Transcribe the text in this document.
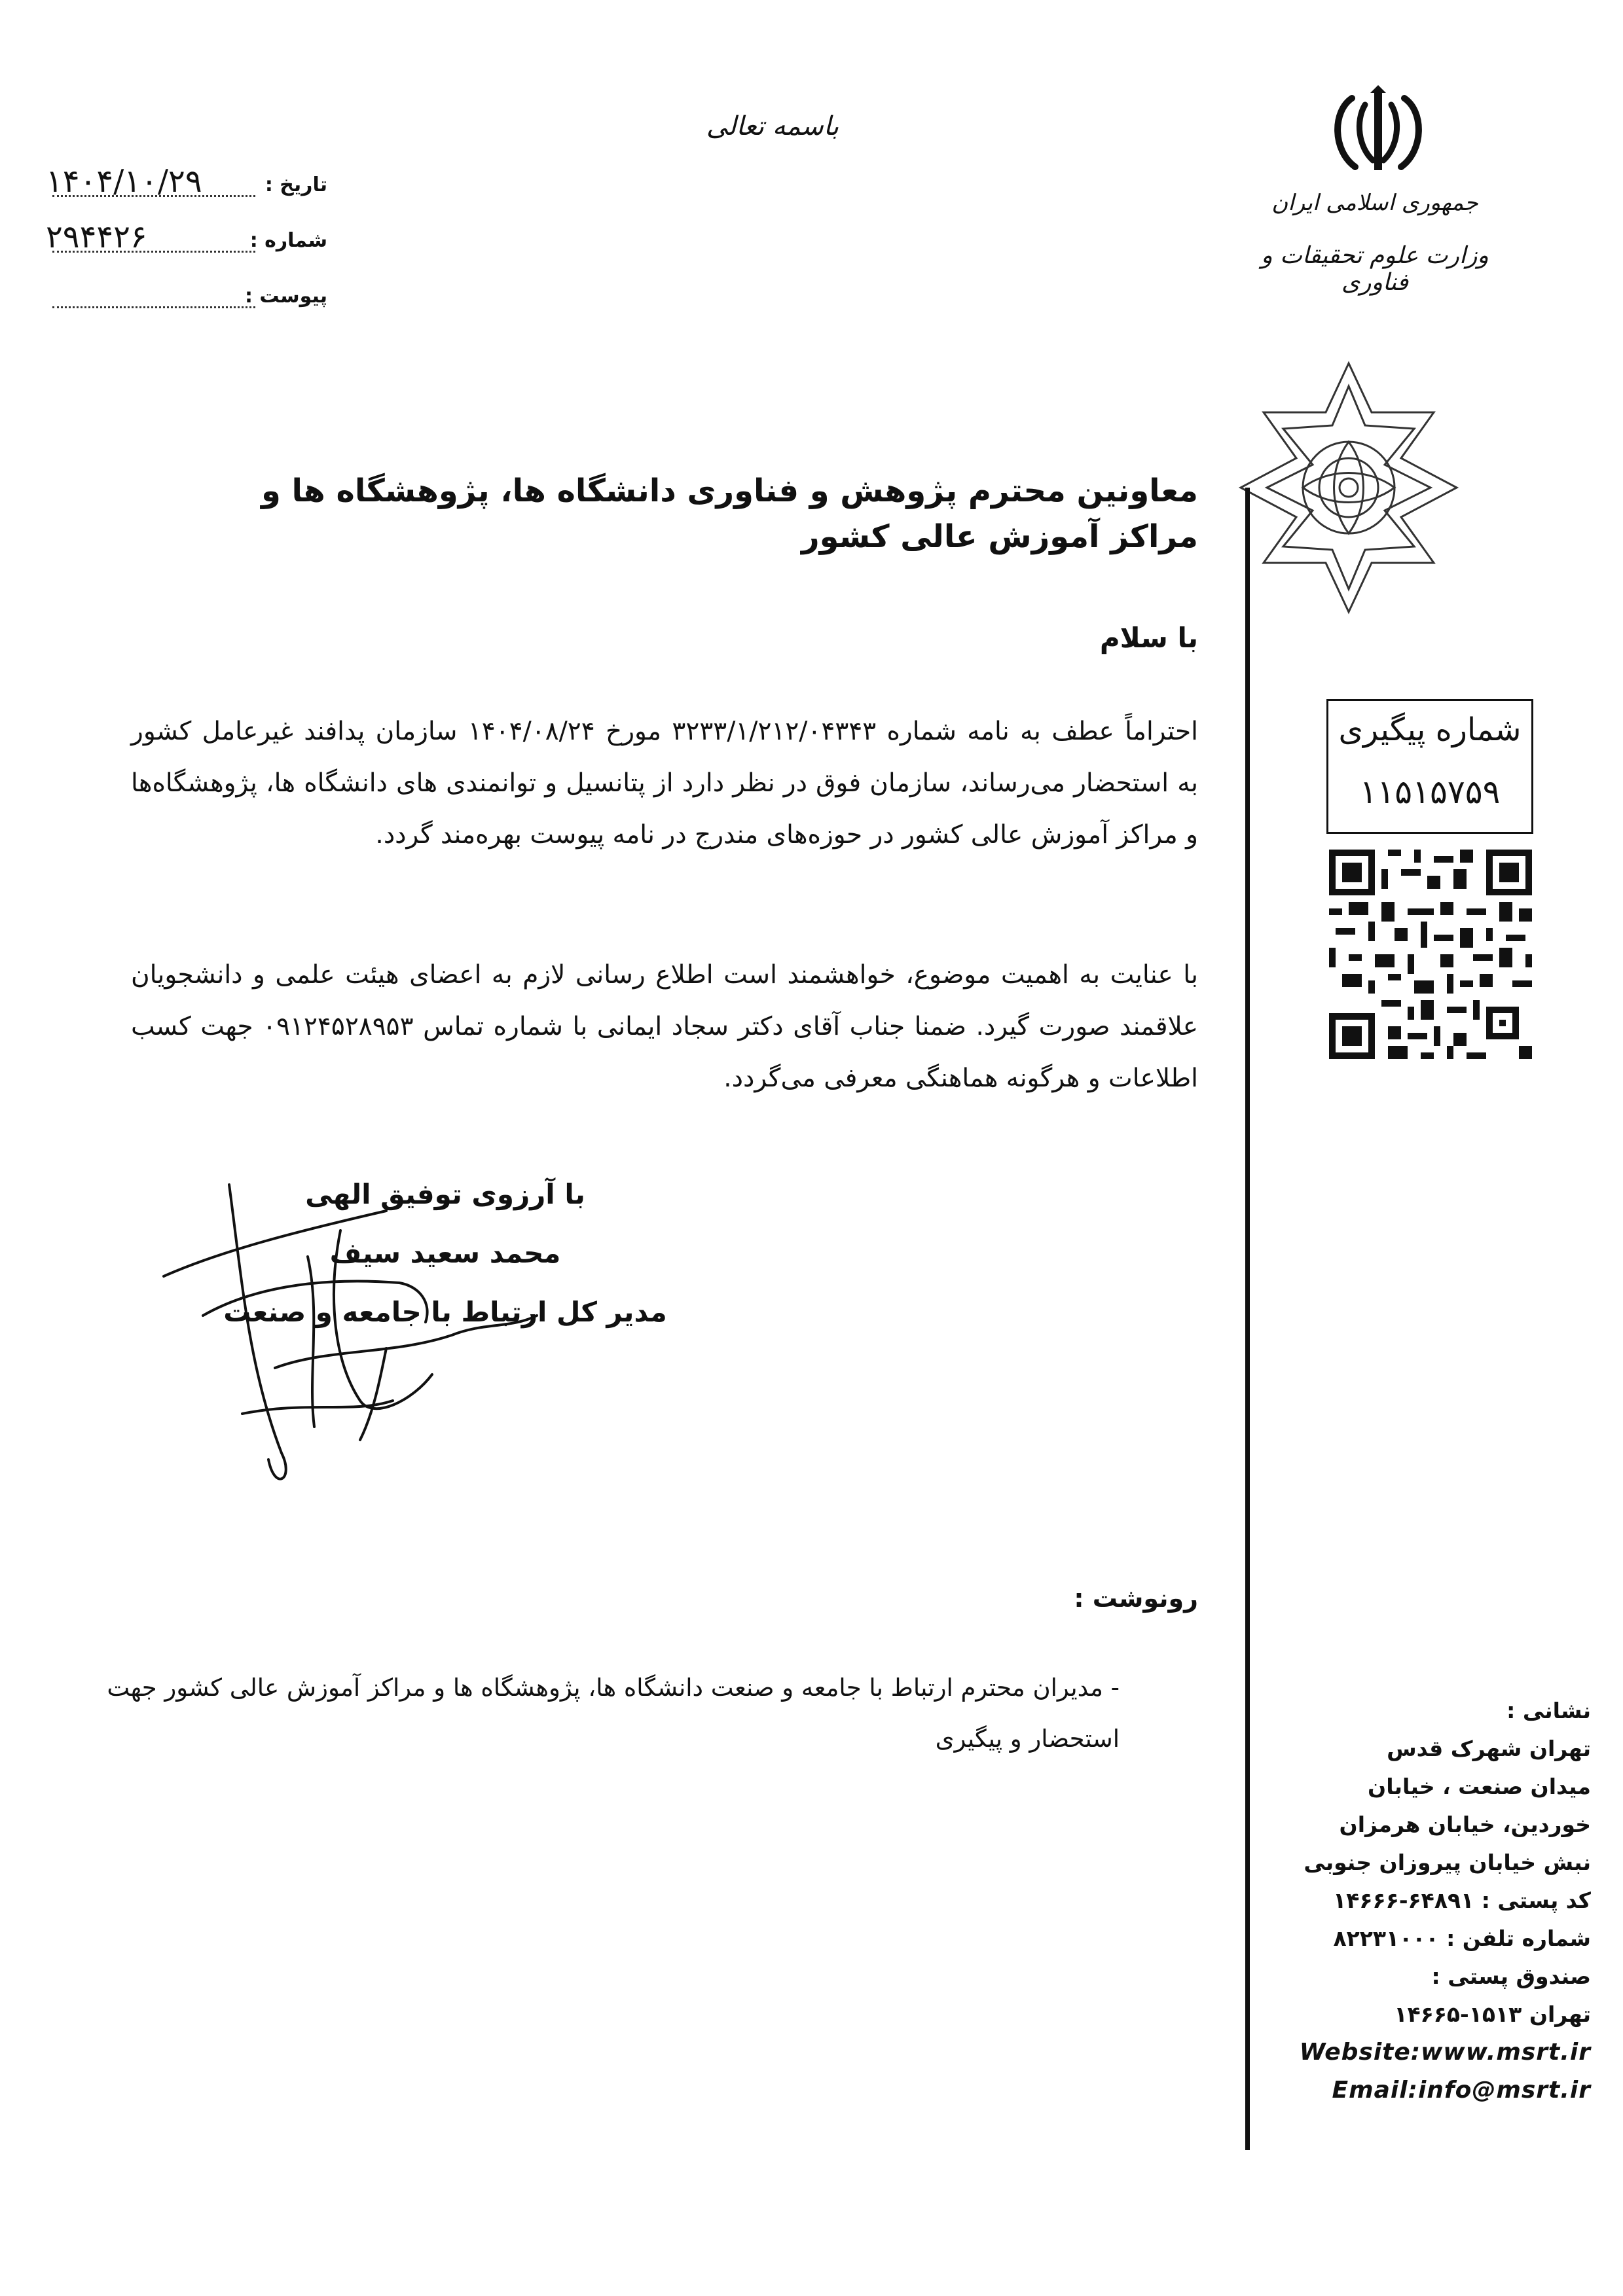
باسمه تعالی
تاریخ :
۱۴۰۴/۱۰/۲۹
شماره :
۲۹۴۴۲۶
پیوست :
جمهوری اسلامی ایران
وزارت علوم تحقیقات و فناوری
شماره پیگیری
۱۱۵۱۵۷۵۹
نشانی :
تهران شهرک قدس
میدان صنعت ، خیابان
خوردین، خیابان هرمزان
نبش خیابان پیروزان جنوبی
کد پستی : ۶۴۸۹۱-۱۴۶۶۶
شماره تلفن : ۸۲۲۳۱۰۰۰
صندوق پستی :
تهران ۱۵۱۳-۱۴۶۶۵
Website:www.msrt.ir
Email:info@msrt.ir
معاونین محترم پژوهش و فناوری دانشگاه ها، پژوهشگاه ها و مراکز آموزش عالی کشور
با سلام
احتراماً عطف به نامه شماره ۳۲۳۳/۱/۲۱۲/۰۴۳۴۳ مورخ ۱۴۰۴/۰۸/۲۴ سازمان پدافند غیرعامل کشور به استحضار می‌رساند، سازمان فوق در نظر دارد از پتانسیل و توانمندی های دانشگاه ها، پژوهشگاه‌ها و مراکز آموزش عالی کشور در حوزه‌های مندرج در نامه پیوست بهره‌مند گردد.
با عنایت به اهمیت موضوع، خواهشمند است اطلاع رسانی لازم به اعضای هیئت علمی و دانشجویان علاقمند صورت گیرد. ضمنا جناب آقای دکتر سجاد ایمانی با شماره تماس ۰۹۱۲۴۵۲۸۹۵۳ جهت کسب اطلاعات و هرگونه هماهنگی معرفی می‌گردد.
با آرزوی توفیق الهی
محمد سعید سیف
مدیر کل ارتباط با جامعه و صنعت
رونوشت :
- مدیران محترم ارتباط با جامعه و صنعت دانشگاه ها، پژوهشگاه ها و مراکز آموزش عالی کشور جهت استحضار و پیگیری
